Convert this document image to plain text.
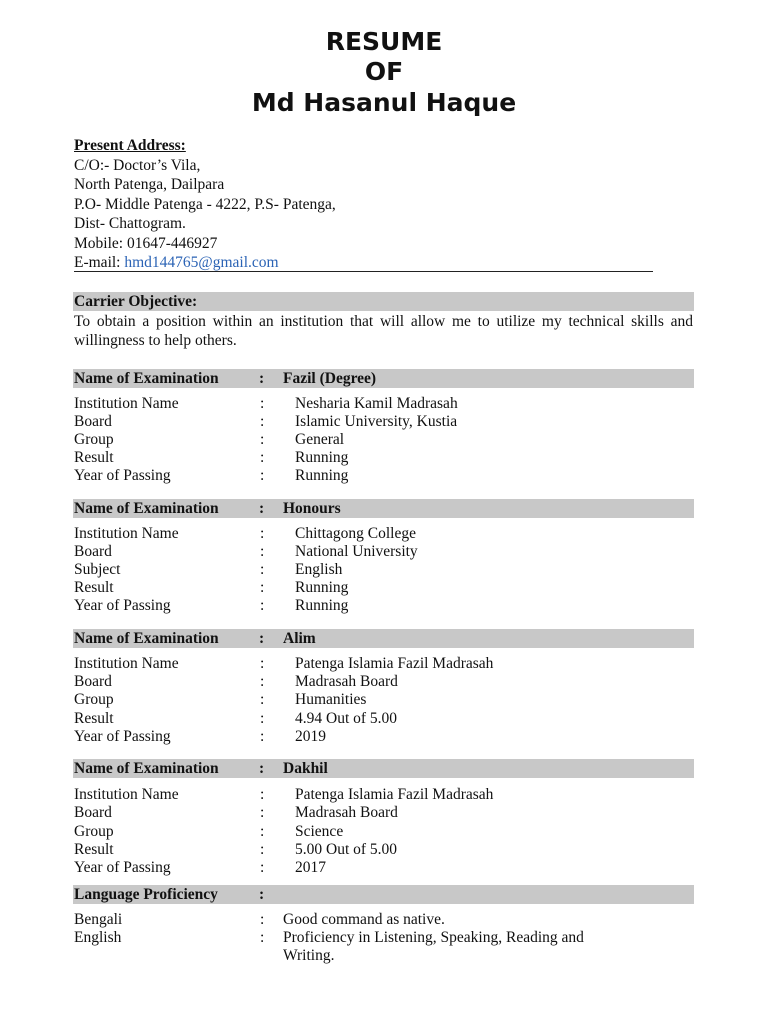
RESUME
OF
Md Hasanul Haque
Present Address:
C/O:- Doctor’s Vila,
North Patenga, Dailpara
P.O- Middle Patenga - 4222, P.S- Patenga,
Dist- Chattogram.
Mobile: 01647-446927
E-mail: hmd144765@gmail.com
Carrier Objective:
To obtain a position within an institution that will allow me to utilize my technical skills and willingness to help others.
Name of Examination	: Fazil (Degree)
Institution Name	: Nesharia Kamil Madrasah
Board	: Islamic University, Kustia
Group	: General
Result	: Running
Year of Passing	: Running
Name of Examination	: Honours
Institution Name	: Chittagong College
Board	: National University
Subject	: English
Result	: Running
Year of Passing	: Running
Name of Examination	: Alim
Institution Name	: Patenga Islamia Fazil Madrasah
Board	: Madrasah Board
Group	: Humanities
Result	: 4.94 Out of 5.00
Year of Passing	: 2019
Name of Examination	: Dakhil
Institution Name	: Patenga Islamia Fazil Madrasah
Board	: Madrasah Board
Group	: Science
Result	: 5.00 Out of 5.00
Year of Passing	: 2017
Language Proficiency	:
Bengali	: Good command as native.
English	: Proficiency in Listening, Speaking, Reading and
Writing.
